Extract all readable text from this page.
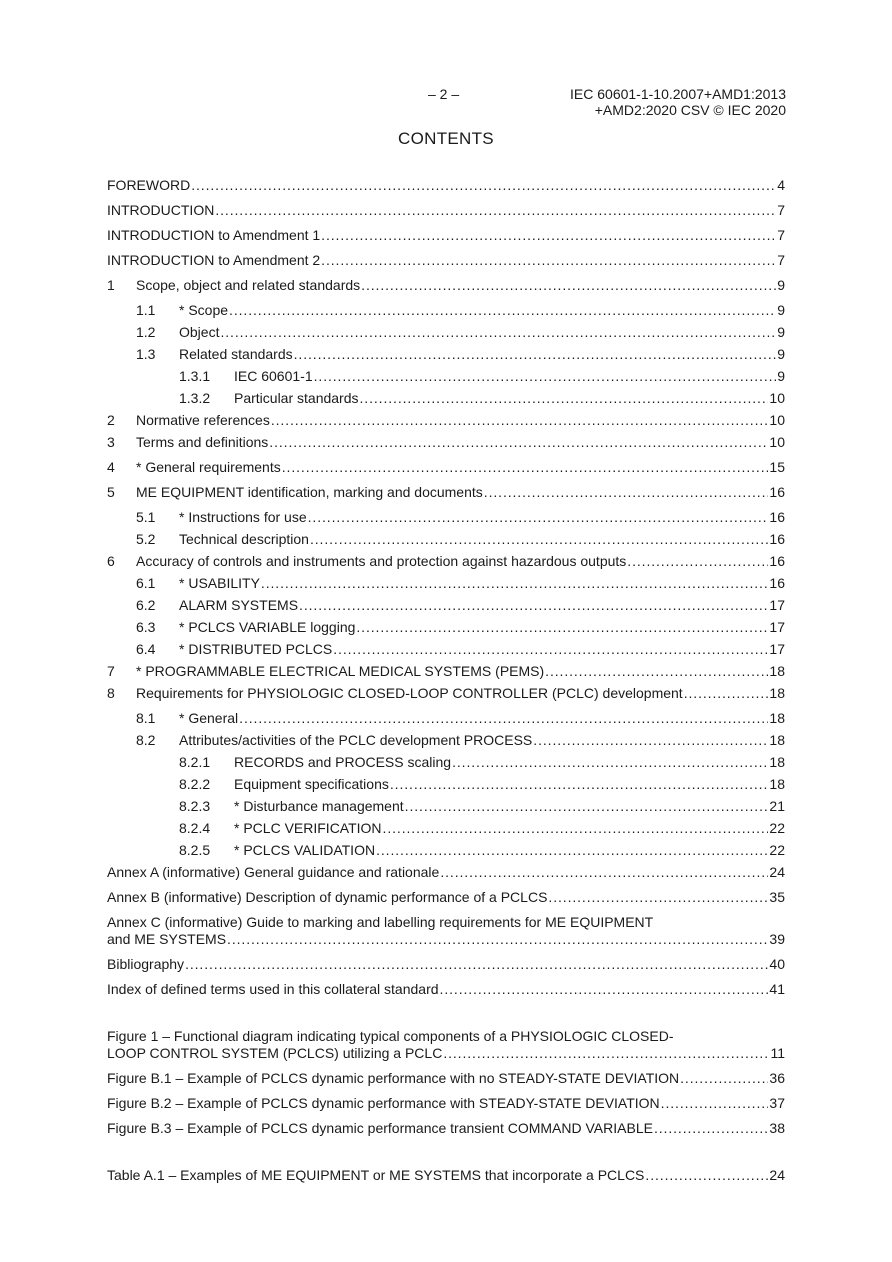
– 2 –	IEC 60601-1-10.2007+AMD1:2013
+AMD2:2020 CSV © IEC 2020
CONTENTS
FOREWORD .....	4
INTRODUCTION .....	7
INTRODUCTION to Amendment 1 .....	7
INTRODUCTION to Amendment 2 .....	7
1	Scope, object and related standards .....	9
1.1	* Scope .....	9
1.2	Object .....	9
1.3	Related standards .....	9
1.3.1	IEC 60601-1 .....	9
1.3.2	Particular standards .....	10
2	Normative references .....	10
3	Terms and definitions .....	10
4	* General requirements .....	15
5	ME EQUIPMENT identification, marking and documents .....	16
5.1	* Instructions for use .....	16
5.2	Technical description .....	16
6	Accuracy of controls and instruments and protection against hazardous outputs .....	16
6.1	* USABILITY .....	16
6.2	ALARM SYSTEMS .....	17
6.3	* PCLCS VARIABLE logging .....	17
6.4	* DISTRIBUTED PCLCS .....	17
7	* PROGRAMMABLE ELECTRICAL MEDICAL SYSTEMS (PEMS) .....	18
8	Requirements for PHYSIOLOGIC CLOSED-LOOP CONTROLLER (PCLC) development .....	18
8.1	* General .....	18
8.2	Attributes/activities of the PCLC development PROCESS .....	18
8.2.1	RECORDS and PROCESS scaling .....	18
8.2.2	Equipment specifications .....	18
8.2.3	* Disturbance management .....	21
8.2.4	* PCLC VERIFICATION .....	22
8.2.5	* PCLCS VALIDATION .....	22
Annex A (informative) General guidance and rationale .....	24
Annex B (informative) Description of dynamic performance of a PCLCS .....	35
Annex C (informative) Guide to marking and labelling requirements for ME EQUIPMENT
and ME SYSTEMS .....	39
Bibliography .....	40
Index of defined terms used in this collateral standard .....	41
Figure 1 – Functional diagram indicating typical components of a PHYSIOLOGIC CLOSED-
LOOP CONTROL SYSTEM (PCLCS) utilizing a PCLC .....	11
Figure B.1 – Example of PCLCS dynamic performance with no STEADY-STATE DEVIATION .....	36
Figure B.2 – Example of PCLCS dynamic performance with STEADY-STATE DEVIATION .....	37
Figure B.3 – Example of PCLCS dynamic performance transient COMMAND VARIABLE .....	38
Table A.1 – Examples of ME EQUIPMENT or ME SYSTEMS that incorporate a PCLCS .....	24
